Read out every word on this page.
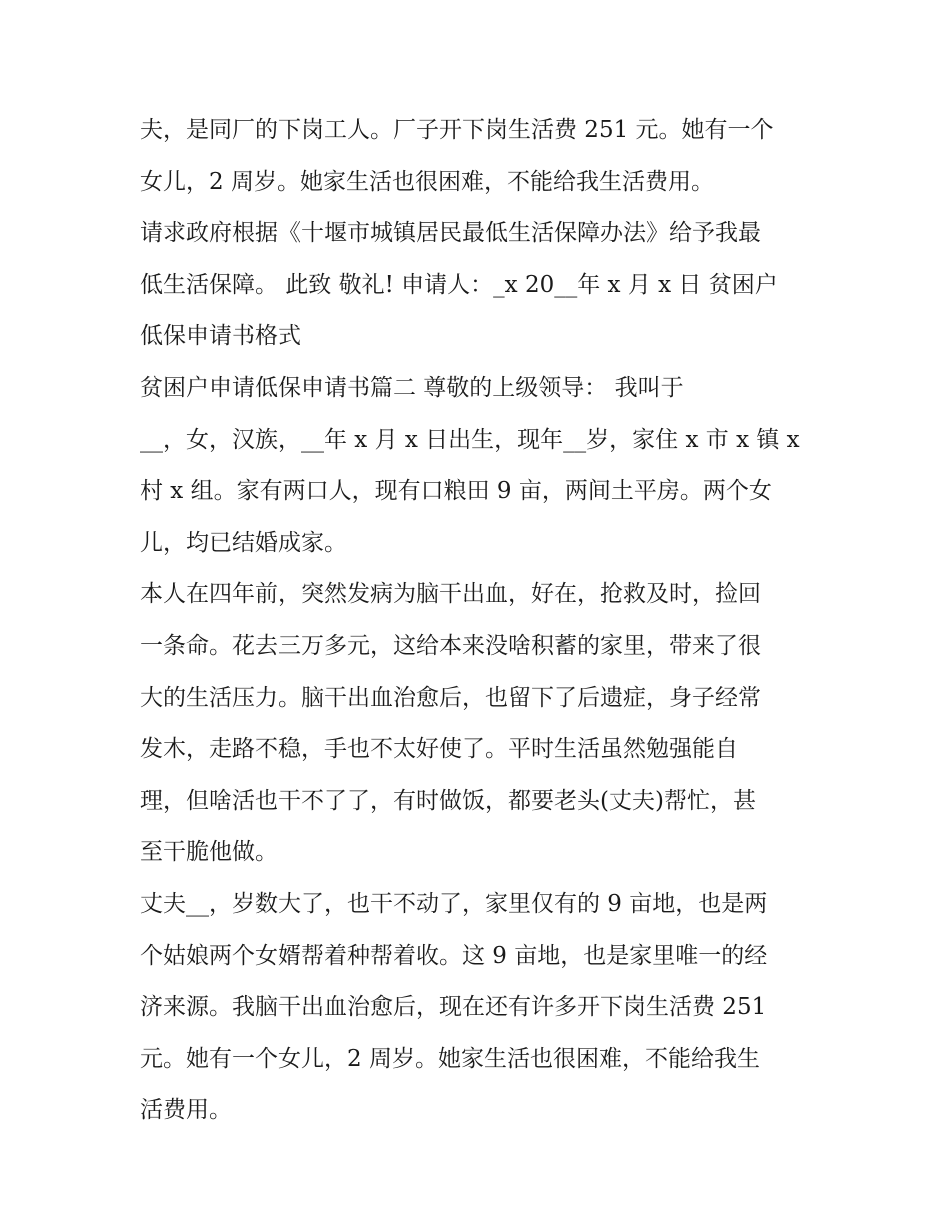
夫，是同厂的下岗工人。厂子开下岗生活费 251 元。她有一个
女儿，2 周岁。她家生活也很困难，不能给我生活费用。
请求政府根据《十堰市城镇居民最低生活保障办法》给予我最
低生活保障。 此致 敬礼! 申请人：_x 20__年 x 月 x 日 贫困户
低保申请书格式
贫困户申请低保申请书篇二 尊敬的上级领导： 我叫于
__，女，汉族，__年 x 月 x 日出生，现年__岁，家住 x 市 x 镇 x
村 x 组。家有两口人，现有口粮田 9 亩，两间土平房。两个女
儿，均已结婚成家。
本人在四年前，突然发病为脑干出血，好在，抢救及时，捡回
一条命。花去三万多元，这给本来没啥积蓄的家里，带来了很
大的生活压力。脑干出血治愈后，也留下了后遗症，身子经常
发木，走路不稳，手也不太好使了。平时生活虽然勉强能自
理，但啥活也干不了了，有时做饭，都要老头(丈夫)帮忙，甚
至干脆他做。
丈夫__，岁数大了，也干不动了，家里仅有的 9 亩地，也是两
个姑娘两个女婿帮着种帮着收。这 9 亩地，也是家里唯一的经
济来源。我脑干出血治愈后，现在还有许多开下岗生活费 251
元。她有一个女儿，2 周岁。她家生活也很困难，不能给我生
活费用。
